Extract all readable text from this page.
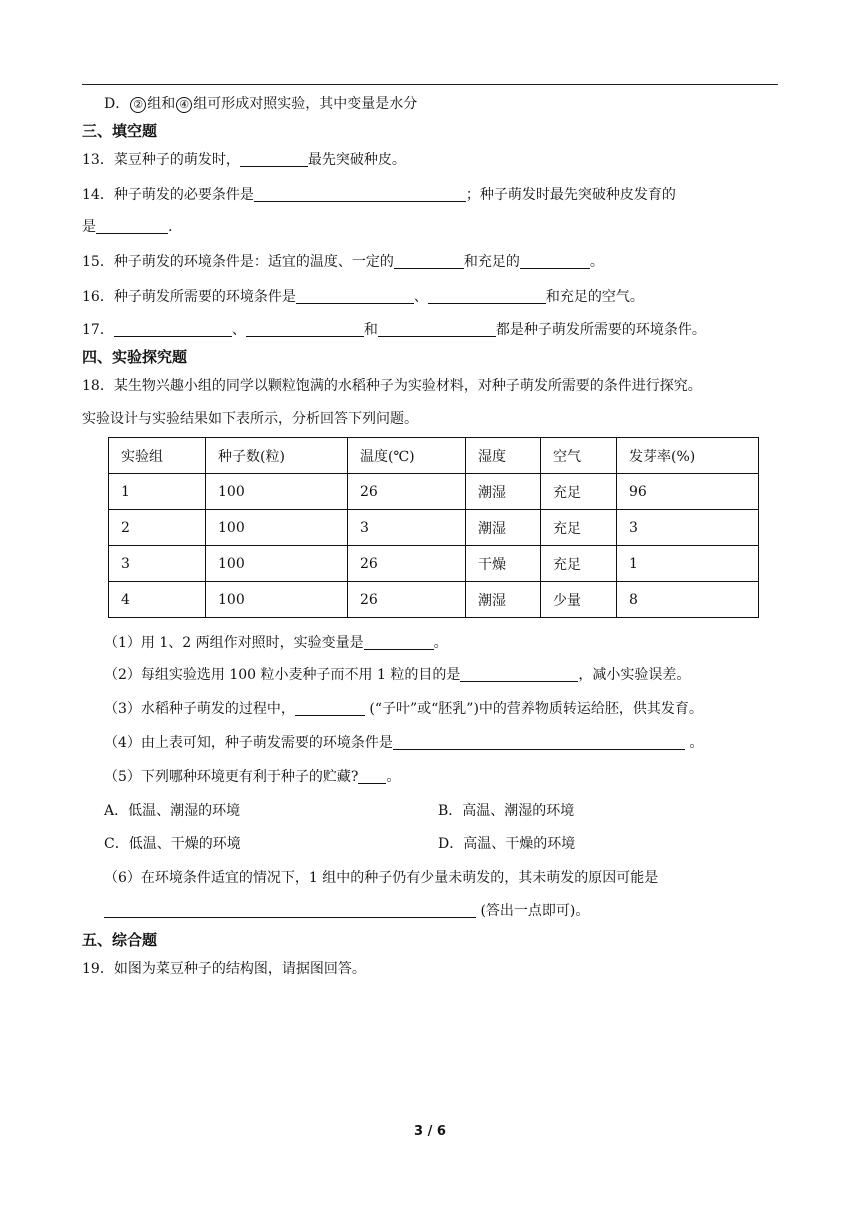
D． ② 组和 ④ 组可形成对照实验，其中变量是水分
三、填空题
13．菜豆种子的萌发时，	最先突破种皮。
14．种子萌发的必要条件是	；种子萌发时最先突破种皮发育的
是	.
15．种子萌发的环境条件是：适宜的温度、一定的	和充足的	。
16．种子萌发所需要的环境条件是	、	和充足的空气。
17．	、	和	都是种子萌发所需要的环境条件。
四、实验探究题
18．某生物兴趣小组的同学以颗粒饱满的水稻种子为实验材料，对种子萌发所需要的条件进行探究。
实验设计与实验结果如下表所示，分析回答下列问题。
实验组	种子数(粒)	温度(℃)	湿度	空气	发芽率(%)
1	100	26	潮湿	充足	96
2	100	3	潮湿	充足	3
3	100	26	干燥	充足	1
4	100	26	潮湿	少量	8
（1）用 1、2 两组作对照时，实验变量是	。
（2）每组实验选用 100 粒小麦种子而不用 1 粒的目的是	，减小实验误差。
（3）水稻种子萌发的过程中，	(“子叶”或“胚乳”)中的营养物质转运给胚，供其发育。
（4）由上表可知，种子萌发需要的环境条件是	。
（5）下列哪种环境更有利于种子的贮藏? 。
A．低温、潮湿的环境	B．高温、潮湿的环境
C．低温、干燥的环境	D．高温、干燥的环境
（6）在环境条件适宜的情况下，1 组中的种子仍有少量未萌发的，其未萌发的原因可能是
(答出一点即可)。
五、综合题
19．如图为菜豆种子的结构图，请据图回答。
3 / 6
